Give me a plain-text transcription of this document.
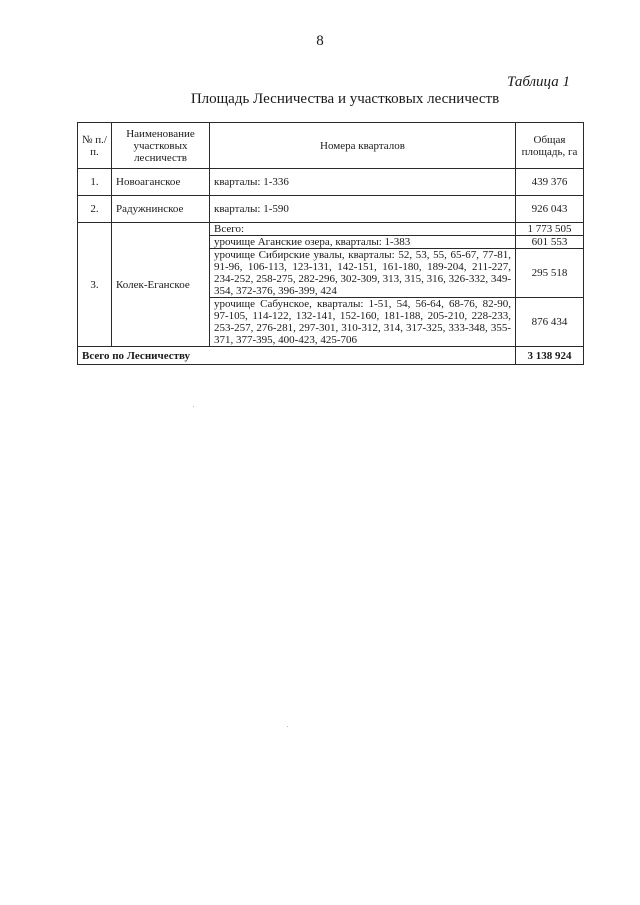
8
Таблица 1
Площадь Лесничества и участковых лесничеств
№ п./п.	Наименование участковых лесничеств	Номера кварталов	Общая площадь, га
1.	Новоаганское	кварталы: 1-336	439 376
2.	Радужнинское	кварталы: 1-590	926 043
3.	Колек-Еганское	Всего:	1 773 505
		урочище Аганские озера, кварталы: 1-383	601 553
		урочище Сибирские увалы, кварталы: 52, 53, 55, 65-67, 77-81, 91-96, 106-113, 123-131, 142-151, 161-180, 189-204, 211-227, 234-252, 258-275, 282-296, 302-309, 313, 315, 316, 326-332, 349-354, 372-376, 396-399, 424	295 518
		урочище Сабунское, кварталы: 1-51, 54, 56-64, 68-76, 82-90, 97-105, 114-122, 132-141, 152-160, 181-188, 205-210, 228-233, 253-257, 276-281, 297-301, 310-312, 314, 317-325, 333-348, 355-371, 377-395, 400-423, 425-706	876 434
Всего по Лесничеству			3 138 924
